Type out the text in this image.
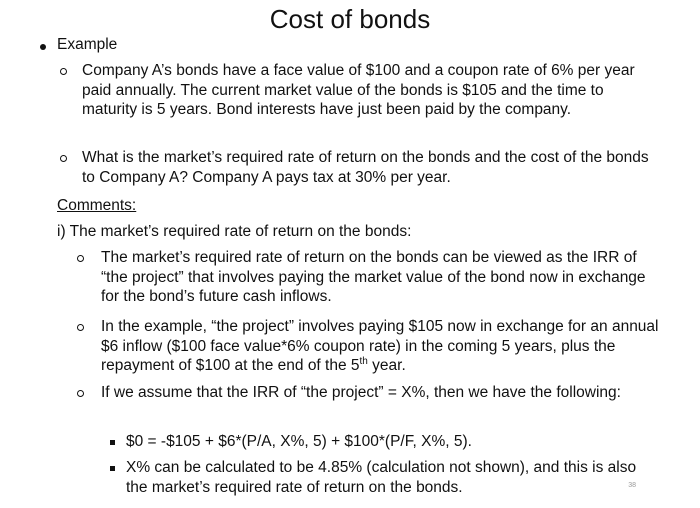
Cost of bonds
Example
Company A’s bonds have a face value of $100 and a coupon rate of 6% per year paid annually. The current market value of the bonds is $105 and the time to maturity is 5 years. Bond interests have just been paid by the company.
What is the market’s required rate of return on the bonds and the cost of the bonds to Company A? Company A pays tax at 30% per year.
Comments:
i) The market’s required rate of return on the bonds:
The market’s required rate of return on the bonds can be viewed as the IRR of “the project” that involves paying the market value of the bond now in exchange for the bond’s future cash inflows.
In the example, “the project” involves paying $105 now in exchange for an annual $6 inflow ($100 face value*6% coupon rate) in the coming 5 years, plus the repayment of $100 at the end of the 5th year.
If we assume that the IRR of “the project” = X%, then we have the following:
$0 = -$105 + $6*(P/A, X%, 5) + $100*(P/F, X%, 5).
X% can be calculated to be 4.85% (calculation not shown), and this is also the market’s required rate of return on the bonds.	38
